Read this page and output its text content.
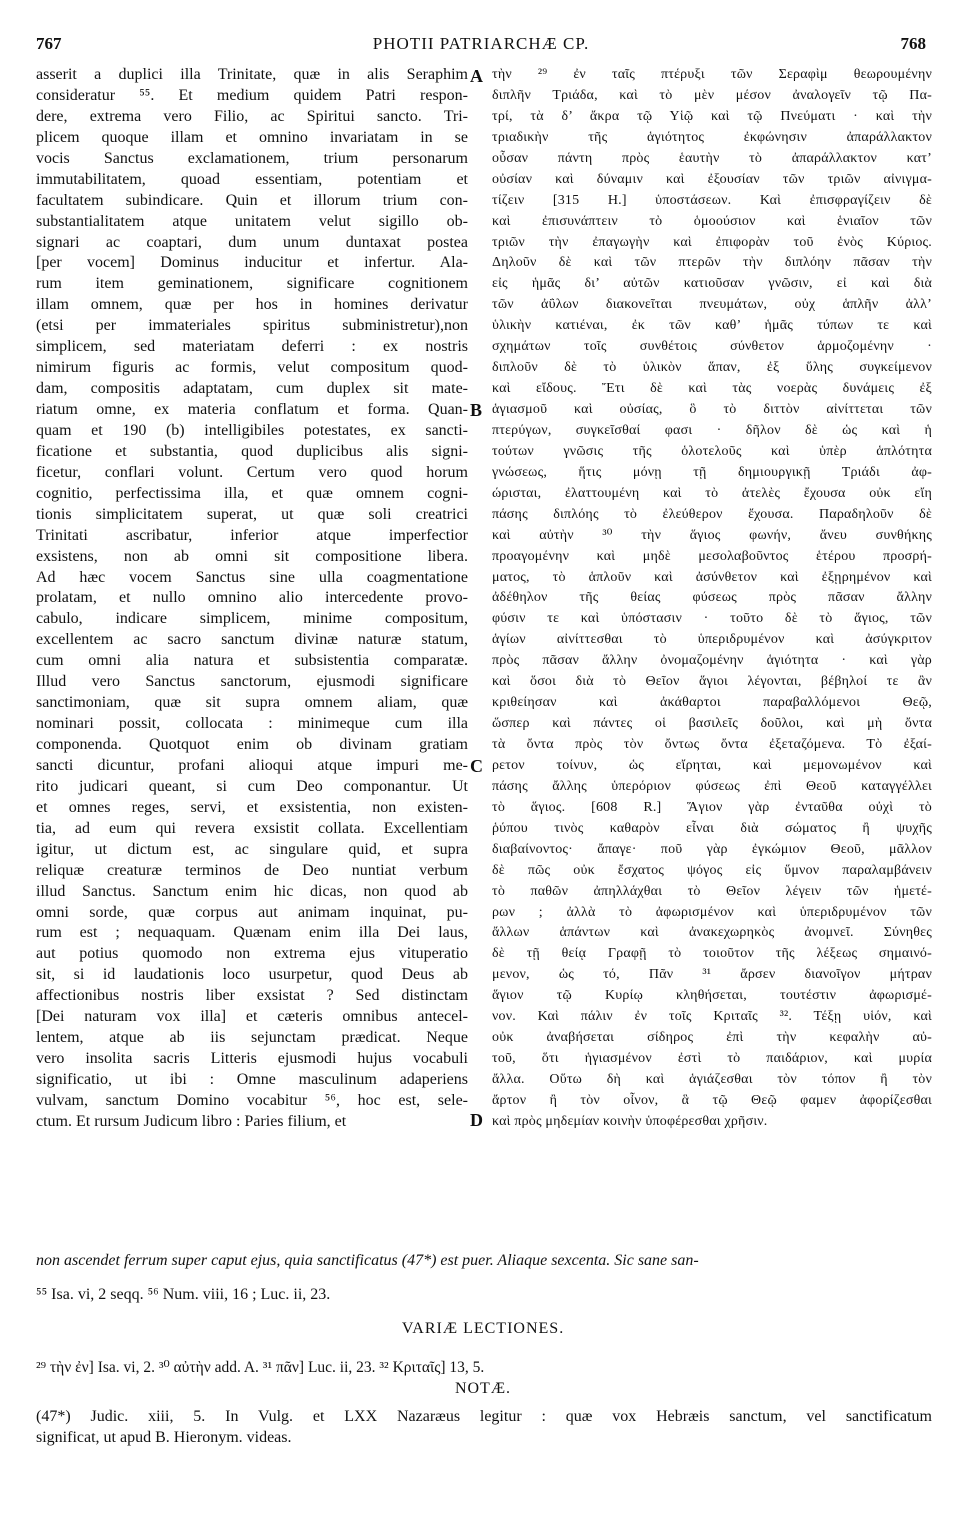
767	PHOTII PATRIARCHÆ CP.	768
asserit a duplici illa Trinitate, quæ in alis Seraphim
consideratur ⁵⁵. Et medium quidem Patri respon-
dere, extrema vero Filio, ac Spiritui sancto. Tri-
plicem quoque illam et omnino invariatam in se
vocis Sanctus exclamationem, trium personarum
immutabilitatem, quoad essentiam, potentiam et
facultatem subindicare. Quin et illorum trium con-
substantialitatem atque unitatem velut sigillo ob-
signari ac coaptari, dum unum duntaxat postea
[per vocem] Dominus inducitur et infertur. Ala-
rum item geminationem, significare cognitionem
illam omnem, quæ per hos in homines derivatur
(etsi per immateriales spiritus subministretur),non
simplicem, sed materiatam deferri : ex nostris
nimirum figuris ac formis, velut compositum quod-
dam, compositis adaptatam, cum duplex sit mate-
riatum omne, ex materia conflatum et forma. Quan-
quam et 190 (b) intelligibiles potestates, ex sancti-
ficatione et substantia, quod duplicibus alis signi-
ficetur, conflari volunt. Certum vero quod horum
cognitio, perfectissima illa, et quæ omnem cogni-
tionis simplicitatem superat, ut quæ soli creatrici
Trinitati ascribatur, inferior atque imperfectior
exsistens, non ab omni sit compositione libera.
Ad hæc vocem Sanctus sine ulla coagmentatione
prolatam, et nullo omnino alio intercedente provo-
cabulo, indicare simplicem, minime compositum,
excellentem ac sacro sanctum divinæ naturæ statum,
cum omni alia natura et subsistentia comparatæ.
Illud vero Sanctus sanctorum, ejusmodi significare
sanctimoniam, quæ sit supra omnem aliam, quæ
nominari possit, collocata : minimeque cum illa
componenda. Quotquot enim ob divinam gratiam
sancti dicuntur, profani alioqui atque impuri me-
rito judicari queant, si cum Deo componantur. Ut
et omnes reges, servi, et exsistentia, non existen-
tia, ad eum qui revera exsistit collata. Excellentiam
igitur, ut dictum est, ac singulare quid, et supra
reliquæ creaturæ terminos de Deo nuntiat verbum
illud Sanctus. Sanctum enim hic dicas, non quod ab
omni sorde, quæ corpus aut animam inquinat, pu-
rum est ; nequaquam. Quænam enim illa Dei laus,
aut potius quomodo non extrema ejus vituperatio
sit, si id laudationis loco usurpetur, quod Deus ab
affectionibus nostris liber exsistat ? Sed distinctam
[Dei naturam vox illa] et cæteris omnibus antecel-
lentem, atque ab iis sejunctam prædicat. Neque
vero insolita sacris Litteris ejusmodi hujus vocabuli
significatio, ut ibi : Omne masculinum adaperiens
vulvam, sanctum Domino vocabitur ⁵⁶, hoc est, sele-
ctum. Et rursum Judicum libro : Paries filium, et
A
B
C
D
τὴν ²⁹ ἐν ταῖς πτέρυξι τῶν Σεραφὶμ θεωρουμένην
διπλῆν Τριάδα, καὶ τὸ μὲν μέσον ἀναλογεῖν τῷ Πα-
τρί, τὰ δ’ ἄκρα τῷ Υἱῷ καὶ τῷ Πνεύματι · καὶ τὴν
τριαδικὴν τῆς ἁγιότητος ἐκφώνησιν ἀπαράλλακτον
οὖσαν πάντη πρὸς ἑαυτὴν τὸ ἀπαράλλακτον κατ’
οὐσίαν καὶ δύναμιν καὶ ἐξουσίαν τῶν τριῶν αἰνιγμα-
τίζειν [315 H.] ὑποστάσεων. Καὶ ἐπισφραγίζειν δὲ
καὶ ἐπισυνάπτειν τὸ ὁμοούσιον καὶ ἑνιαῖον τῶν
τριῶν τὴν ἐπαγωγὴν καὶ ἐπιφορὰν τοῦ ἑνὸς Κύριος.
Δηλοῦν δὲ καὶ τῶν πτερῶν τὴν διπλόην πᾶσαν τὴν
εἰς ἡμᾶς δι’ αὐτῶν κατιοῦσαν γνῶσιν, εἰ καὶ διὰ
τῶν ἀΰλων διακονεῖται πνευμάτων, οὐχ ἁπλῆν ἀλλ’
ὑλικὴν κατιέναι, ἐκ τῶν καθ’ ἡμᾶς τύπων τε καὶ
σχημάτων τοῖς συνθέτοις σύνθετον ἁρμοζομένην ·
διπλοῦν δὲ τὸ ὑλικὸν ἅπαν, ἐξ ὕλης συγκείμενον
καὶ εἴδους. Ἔτι δὲ καὶ τὰς νοερὰς δυνάμεις ἐξ
ἁγιασμοῦ καὶ οὐσίας, ὃ τὸ διττὸν αἰνίττεται τῶν
πτερύγων, συγκεῖσθαί φασι · δῆλον δὲ ὡς καὶ ἡ
τούτων γνῶσις τῆς ὁλοτελοῦς καὶ ὑπὲρ ἁπλότητα
γνώσεως, ἥτις μόνῃ τῇ δημιουργικῇ Τριάδι ἀφ-
ώρισται, ἐλαττουμένη καὶ τὸ ἀτελὲς ἔχουσα οὐκ εἴη
πάσης διπλόης τὸ ἐλεύθερον ἔχουσα. Παραδηλοῦν δὲ
καὶ αὐτὴν ³⁰ τὴν ἅγιος φωνήν, ἄνευ συνθήκης
προαγομένην καὶ μηδὲ μεσολαβοῦντος ἑτέρου προσρή-
ματος, τὸ ἁπλοῦν καὶ ἀσύνθετον καὶ ἐξῃρημένον καὶ
ἀδέθηλον τῆς θείας φύσεως πρὸς πᾶσαν ἄλλην
φύσιν τε καὶ ὑπόστασιν · τοῦτο δὲ τὸ ἅγιος, τῶν
ἁγίων αἰνίττεσθαι τὸ ὑπεριδρυμένον καὶ ἀσύγκριτον
πρὸς πᾶσαν ἄλλην ὀνομαζομένην ἁγιότητα · καὶ γὰρ
καὶ ὅσοι διὰ τὸ Θεῖον ἅγιοι λέγονται, βέβηλοί τε ἂν
κριθείησαν καὶ ἀκάθαρτοι παραβαλλόμενοι Θεῷ,
ὥσπερ καὶ πάντες οἱ βασιλεῖς δοῦλοι, καὶ μὴ ὄντα
τὰ ὄντα πρὸς τὸν ὄντως ὄντα ἐξεταζόμενα. Τὸ ἐξαί-
ρετον τοίνυν, ὡς εἴρηται, καὶ μεμονωμένον καὶ
πάσης ἄλλης ὑπερόριον φύσεως ἐπὶ Θεοῦ καταγγέλλει
τὸ ἅγιος. [608 R.] Ἅγιον γὰρ ἐνταῦθα οὐχὶ τὸ
ῥύπου τινὸς καθαρὸν εἶναι διὰ σώματος ἢ ψυχῆς
διαβαίνοντος· ἄπαγε· ποῦ γὰρ ἐγκώμιον Θεοῦ, μᾶλλον
δὲ πῶς οὐκ ἔσχατος ψόγος εἰς ὕμνον παραλαμβάνειν
τὸ παθῶν ἀπηλλάχθαι τὸ Θεῖον λέγειν τῶν ἡμετέ-
ρων ; ἀλλὰ τὸ ἀφωρισμένον καὶ ὑπεριδρυμένον τῶν
ἄλλων ἁπάντων καὶ ἀνακεχωρηκὸς ἀνομνεῖ. Σύνηθες
δὲ τῇ θείᾳ Γραφῇ τὸ τοιοῦτον τῆς λέξεως σημαινό-
μενον, ὡς τό, Πᾶν ³¹ ἄρσεν διανοῖγον μήτραν
ἅγιον τῷ Κυρίῳ κληθήσεται, τουτέστιν ἀφωρισμέ-
νον. Καὶ πάλιν ἐν τοῖς Κριταῖς ³². Τέξῃ υἱόν, καὶ
οὐκ ἀναβήσεται σίδηρος ἐπὶ τὴν κεφαλὴν αὐ-
τοῦ, ὅτι ἡγιασμένον ἐστὶ τὸ παιδάριον, καὶ μυρία
ἄλλα. Οὕτω δὴ καὶ ἁγιάζεσθαι τὸν τόπον ἢ τὸν
ἄρτον ἢ τὸν οἶνον, ἃ τῷ Θεῷ φαμεν ἀφορίζεσθαι
καὶ πρὸς μηδεμίαν κοινὴν ὑποφέρεσθαι χρῆσιν.
non ascendet ferrum super caput ejus, quia sanctificatus (47*) est puer. Aliaque sexcenta. Sic sane san-
⁵⁵ Isa. vi, 2 seqq. ⁵⁶ Num. viii, 16 ; Luc. ii, 23.
VARIÆ LECTIONES.
²⁹ τὴν ἐν] Isa. vi, 2. ³⁰ αὐτὴν add. A. ³¹ πᾶν] Luc. ii, 23. ³² Κριταῖς] 13, 5.
NOTÆ.
(47*) Judic. xiii, 5. In Vulg. et LXX Nazaræus legitur : quæ vox Hebræis sanctum, vel sanctificatum
significat, ut apud B. Hieronym. videas.
